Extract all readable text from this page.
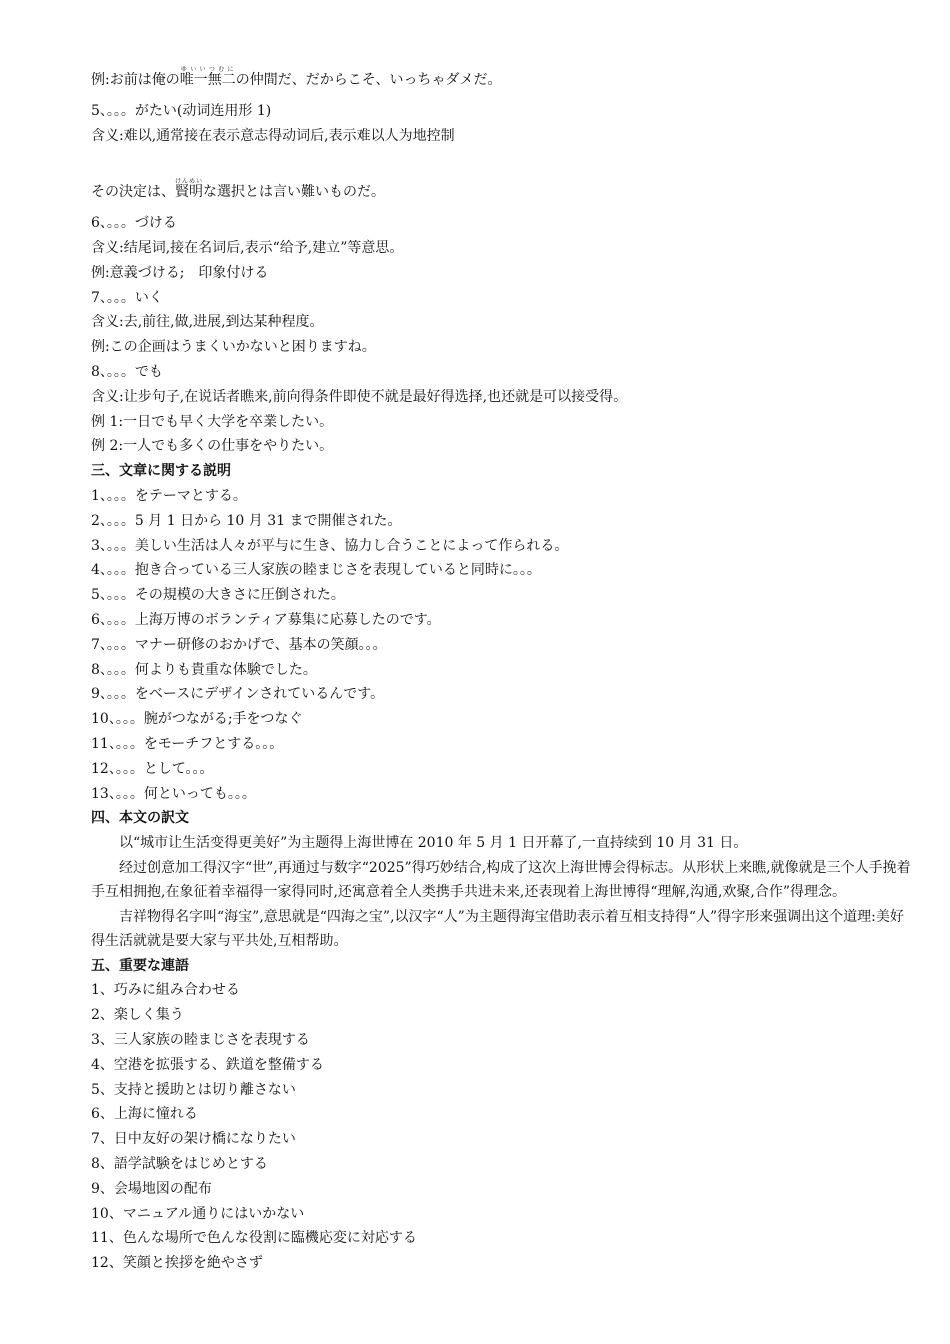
例:お前は俺の唯一無二ゆいいつむにの仲間だ、だからこそ、いっちゃダメだ。
5、。。。がたい(动词连用形 1)
含义:难以,通常接在表示意志得动词后,表示难以人为地控制
その決定は、賢明けんめいな選択とは言い難いものだ。
6、。。。づける
含义:结尾词,接在名词后,表示“给予,建立”等意思。
例:意義づける;　印象付ける
7、。。。いく
含义:去,前往,做,进展,到达某种程度。
例:この企画はうまくいかないと困りますね。
8、。。。でも
含义:让步句子,在说话者瞧来,前向得条件即使不就是最好得选择,也还就是可以接受得。
例 1:一日でも早く大学を卒業したい。
例 2:一人でも多くの仕事をやりたい。
三、文章に関する説明
1、。。。をテーマとする。
2、。。。5 月 1 日から 10 月 31 まで開催された。
3、。。。美しい生活は人々が平与に生き、協力し合うことによって作られる。
4、。。。抱き合っている三人家族の睦まじさを表現していると同時に。。。
5、。。。その規模の大きさに圧倒された。
6、。。。上海万博のボランティア募集に応募したのです。
7、。。。マナー研修のおかげで、基本の笑顔。。。
8、。。。何よりも貴重な体験でした。
9、。。。をベースにデザインされているんです。
10、。。。腕がつながる;手をつなぐ
11、。。。をモーチフとする。。。
12、。。。として。。。
13、。。。何といっても。。。
四、本文の訳文
以“城市让生活变得更美好”为主题得上海世博在 2010 年 5 月 1 日开幕了,一直持续到 10 月 31 日。
经过创意加工得汉字“世”,再通过与数字“2025”得巧妙结合,构成了这次上海世博会得标志。从形状上来瞧,就像就是三个人手挽着手互相拥抱,在象征着幸福得一家得同时,还寓意着全人类携手共进未来,还表现着上海世博得“理解,沟通,欢聚,合作”得理念。
吉祥物得名字叫“海宝”,意思就是“四海之宝”,以汉字“人”为主题得海宝借助表示着互相支持得“人”得字形来强调出这个道理:美好得生活就就是要大家与平共处,互相帮助。
五、重要な連語
1、巧みに組み合わせる
2、楽しく集う
3、三人家族の睦まじさを表現する
4、空港を拡張する、鉄道を整備する
5、支持と援助とは切り離さない
6、上海に憧れる
7、日中友好の架け橋になりたい
8、語学試験をはじめとする
9、会場地図の配布
10、マニュアル通りにはいかない
11、色んな場所で色んな役割に臨機応変に対応する
12、笑顔と挨拶を絶やさず
